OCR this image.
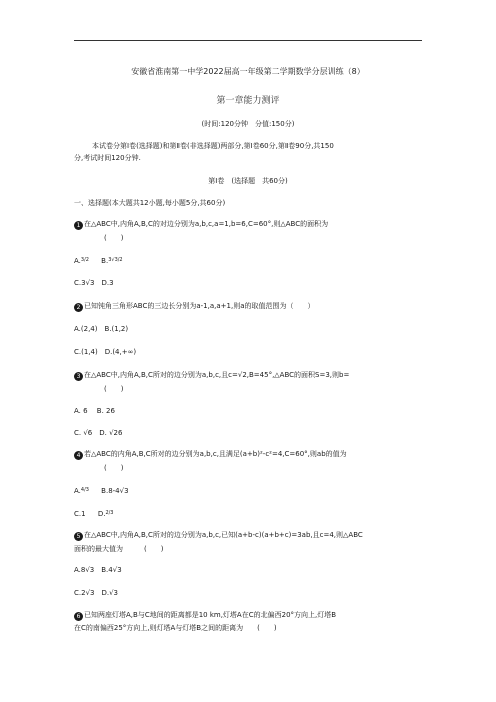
安徽省淮南第一中学2022届高一年级第二学期数学分层训练（8）
第一章能力测评
(时间:120分钟　分值:150分)
本试卷分第Ⅰ卷(选择题)和第Ⅱ卷(非选择题)两部分,第Ⅰ卷60分,第Ⅱ卷90分,共150
分,考试时间120分钟.
第Ⅰ卷　(选择题　共60分)
一、选择题(本大题共12小题,每小题5分,共60分)
1 在△ABC中,内角A,B,C的对边分别为a,b,c,a=1,b=6,C=60°,则△ABC的面积为
(　　)
A.$^{3/2}$ B.$^{3√3/2}$
C.3√3　D.3
2 已知钝角三角形ABC的三边长分别为a-1,a,a+1,则a的取值范围为（　　）
A.(2,4)　B.(1,2)
C.(1,4)　D.(4,+∞)
3 在△ABC中,内角A,B,C所对的边分别为a,b,c,且c=√2,B=45°,△ABC的面积S=3,则b=
(　　)
A. 6　 B. 26
C. √6　D. √26
4 若△ABC的内角A,B,C所对的边分别为a,b,c,且满足(a+b)²-c²=4,C=60°,则ab的值为
(　　)
A.$^{4/3}$ B.8-4√3
C.1 D.$^{2/3}$
5 在△ABC中,内角A,B,C所对的边分别为a,b,c,已知(a+b-c)(a+b+c)=3ab,且c=4,则△ABC
面积的最大值为　　　(　　)
A.8√3　B.4√3
C.2√3　D.√3
6 已知两座灯塔A,B与C地间的距离都是10 km,灯塔A在C的北偏西20°方向上,灯塔B
在C的南偏西25°方向上,则灯塔A与灯塔B之间的距离为　　(　　)
